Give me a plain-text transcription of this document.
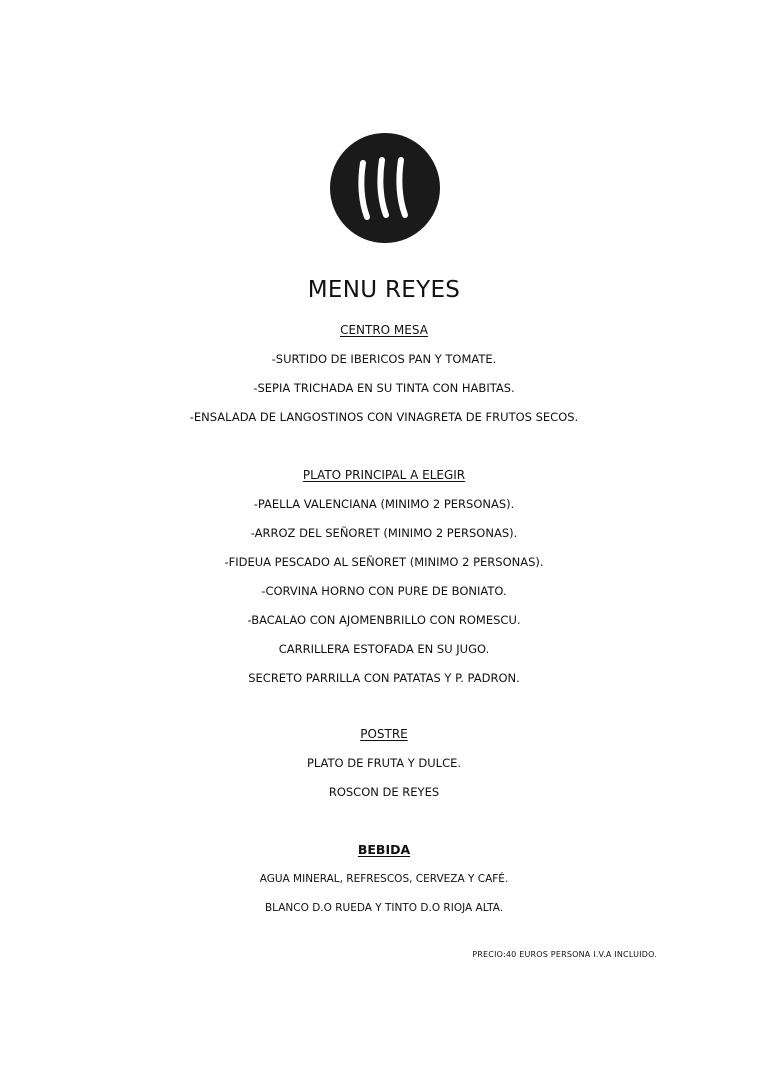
MENU REYES
CENTRO MESA
-SURTIDO DE IBERICOS PAN Y TOMATE.
-SEPIA TRICHADA EN SU TINTA CON HABITAS.
-ENSALADA DE LANGOSTINOS CON VINAGRETA DE FRUTOS SECOS.
PLATO PRINCIPAL A ELEGIR
-PAELLA VALENCIANA (MINIMO 2 PERSONAS).
-ARROZ DEL SEÑORET (MINIMO 2 PERSONAS).
-FIDEUA PESCADO AL SEÑORET (MINIMO 2 PERSONAS).
-CORVINA HORNO CON PURE DE BONIATO.
-BACALAO CON AJOMENBRILLO CON ROMESCU.
CARRILLERA ESTOFADA EN SU JUGO.
SECRETO PARRILLA CON PATATAS Y P. PADRON.
POSTRE
PLATO DE FRUTA Y DULCE.
ROSCON DE REYES
BEBIDA
AGUA MINERAL, REFRESCOS, CERVEZA Y CAFÉ.
BLANCO D.O RUEDA Y TINTO D.O RIOJA ALTA.
PRECIO:40 EUROS PERSONA I.V.A INCLUIDO.
